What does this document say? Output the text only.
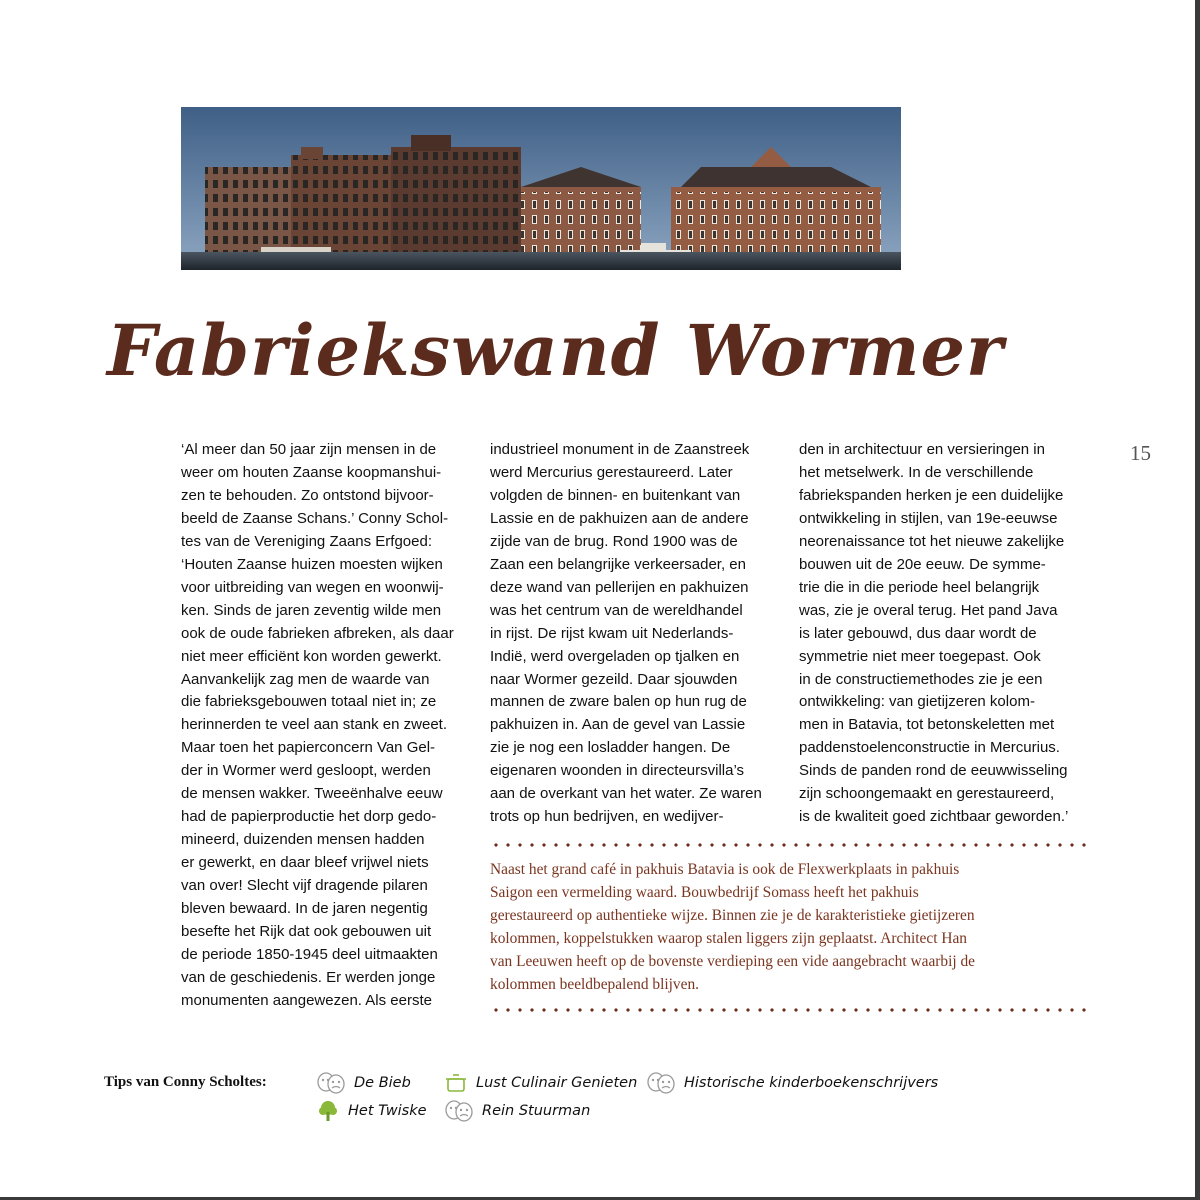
Fabriekswand Wormer
15
‘Al meer dan 50 jaar zijn mensen in de
weer om houten Zaanse koopmanshui-
zen te behouden. Zo ontstond bijvoor-
beeld de Zaanse Schans.’ Conny Schol-
tes van de Vereniging Zaans Erfgoed:
‘Houten Zaanse huizen moesten wijken
voor uitbreiding van wegen en woonwij-
ken. Sinds de jaren zeventig wilde men
ook de oude fabrieken afbreken, als daar
niet meer efficiënt kon worden gewerkt.
Aanvankelijk zag men de waarde van
die fabrieksgebouwen totaal niet in; ze
herinnerden te veel aan stank en zweet.
Maar toen het papierconcern Van Gel-
der in Wormer werd gesloopt, werden
de mensen wakker. Tweeënhalve eeuw
had de papierproductie het dorp gedo-
mineerd, duizenden mensen hadden
er gewerkt, en daar bleef vrijwel niets
van over! Slecht vijf dragende pilaren
bleven bewaard. In de jaren negentig
besefte het Rijk dat ook gebouwen uit
de periode 1850-1945 deel uitmaakten
van de geschiedenis. Er werden jonge
monumenten aangewezen. Als eerste
industrieel monument in de Zaanstreek
werd Mercurius gerestaureerd. Later
volgden de binnen- en buitenkant van
Lassie en de pakhuizen aan de andere
zijde van de brug. Rond 1900 was de
Zaan een belangrijke verkeersader, en
deze wand van pellerijen en pakhuizen
was het centrum van de wereldhandel
in rijst. De rijst kwam uit Nederlands-
Indië, werd overgeladen op tjalken en
naar Wormer gezeild. Daar sjouwden
mannen de zware balen op hun rug de
pakhuizen in. Aan de gevel van Lassie
zie je nog een losladder hangen. De
eigenaren woonden in directeursvilla’s
aan de overkant van het water. Ze waren
trots op hun bedrijven, en wedijver-
den in architectuur en versieringen in
het metselwerk. In de verschillende
fabriekspanden herken je een duidelijke
ontwikkeling in stijlen, van 19e-eeuwse
neorenaissance tot het nieuwe zakelijke
bouwen uit de 20e eeuw. De symme-
trie die in die periode heel belangrijk
was, zie je overal terug. Het pand Java
is later gebouwd, dus daar wordt de
symmetrie niet meer toegepast. Ook
in de constructiemethodes zie je een
ontwikkeling: van gietijzeren kolom-
men in Batavia, tot betonskeletten met
paddenstoelenconstructie in Mercurius.
Sinds de panden rond de eeuwwisseling
zijn schoongemaakt en gerestaureerd,
is de kwaliteit goed zichtbaar geworden.’
Naast het grand café in pakhuis Batavia is ook de Flexwerkplaats in pakhuis
Saigon een vermelding waard. Bouwbedrijf Somass heeft het pakhuis
gerestaureerd op authentieke wijze. Binnen zie je de karakteristieke gietijzeren
kolommen, koppelstukken waarop stalen liggers zijn geplaatst. Architect Han
van Leeuwen heeft op de bovenste verdieping een vide aangebracht waarbij de
kolommen beeldbepalend blijven.
Tips van Conny Scholtes:	De Bieb	Lust Culinair Genieten	Historische kinderboekenschrijvers
Het Twiske	Rein Stuurman
